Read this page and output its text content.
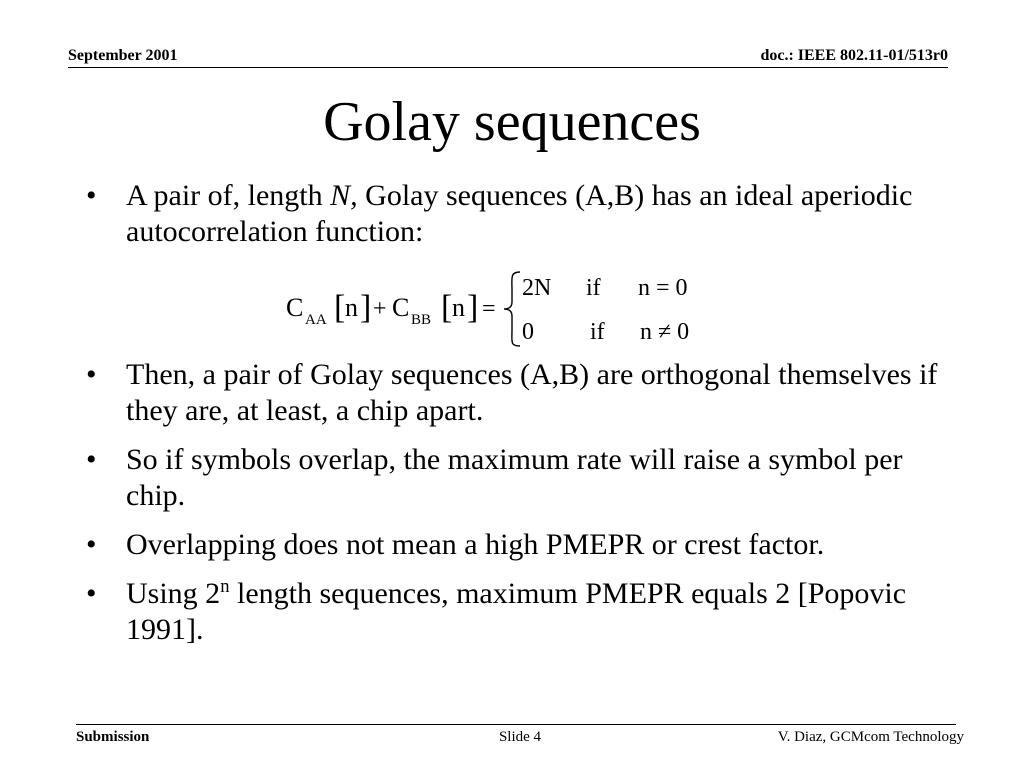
September 2001	doc.: IEEE 802.11-01/513r0
Golay sequences
• A pair of, length N, Golay sequences (A,B) has an ideal aperiodic autocorrelation function:
C AA [ n ] + C BB [ n ] =
2N if n = 0
0 if n ≠ 0
• Then, a pair of Golay sequences (A,B) are orthogonal themselves if they are, at least, a chip apart.
• So if symbols overlap, the maximum rate will raise a symbol per chip.
• Overlapping does not mean a high PMEPR or crest factor.
• Using 2$^n$ length sequences, maximum PMEPR equals 2 [Popovic 1991].
Submission	Slide 4	V. Diaz, GCMcom Technology
